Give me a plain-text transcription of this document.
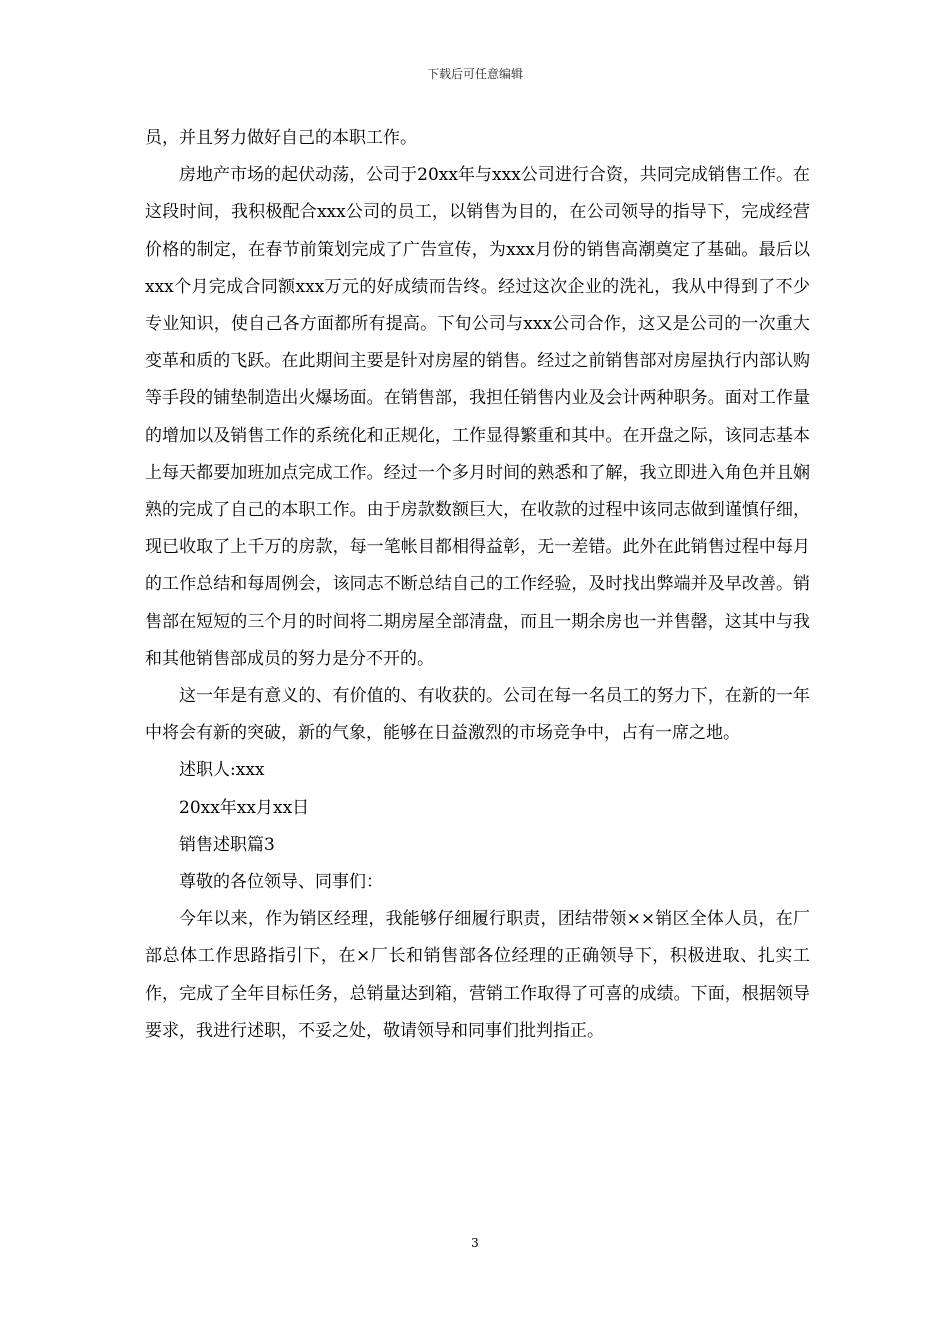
下载后可任意编辑

员，并且努力做好自己的本职工作。

房地产市场的起伏动荡，公司于20xx年与xxx公司进行合资，共同完成销售工作。在这段时间，我积极配合xxx公司的员工，以销售为目的，在公司领导的指导下，完成经营价格的制定，在春节前策划完成了广告宣传，为xxx月份的销售高潮奠定了基础。最后以xxx个月完成合同额xxx万元的好成绩而告终。经过这次企业的洗礼，我从中得到了不少专业知识，使自己各方面都所有提高。下旬公司与xxx公司合作，这又是公司的一次重大变革和质的飞跃。在此期间主要是针对房屋的销售。经过之前销售部对房屋执行内部认购等手段的铺垫制造出火爆场面。在销售部，我担任销售内业及会计两种职务。面对工作量的增加以及销售工作的系统化和正规化，工作显得繁重和其中。在开盘之际，该同志基本上每天都要加班加点完成工作。经过一个多月时间的熟悉和了解，我立即进入角色并且娴熟的完成了自己的本职工作。由于房款数额巨大，在收款的过程中该同志做到谨慎仔细，现已收取了上千万的房款，每一笔帐目都相得益彰，无一差错。此外在此销售过程中每月的工作总结和每周例会，该同志不断总结自己的工作经验，及时找出弊端并及早改善。销售部在短短的三个月的时间将二期房屋全部清盘，而且一期余房也一并售罄，这其中与我和其他销售部成员的努力是分不开的。

这一年是有意义的、有价值的、有收获的。公司在每一名员工的努力下，在新的一年中将会有新的突破，新的气象，能够在日益激烈的市场竞争中，占有一席之地。

述职人:xxx

20xx年xx月xx日

销售述职篇3

尊敬的各位领导、同事们：

今年以来，作为销区经理，我能够仔细履行职责，团结带领××销区全体人员，在厂部总体工作思路指引下，在×厂长和销售部各位经理的正确领导下，积极进取、扎实工作，完成了全年目标任务，总销量达到箱，营销工作取得了可喜的成绩。下面，根据领导要求，我进行述职，不妥之处，敬请领导和同事们批判指正。

3
